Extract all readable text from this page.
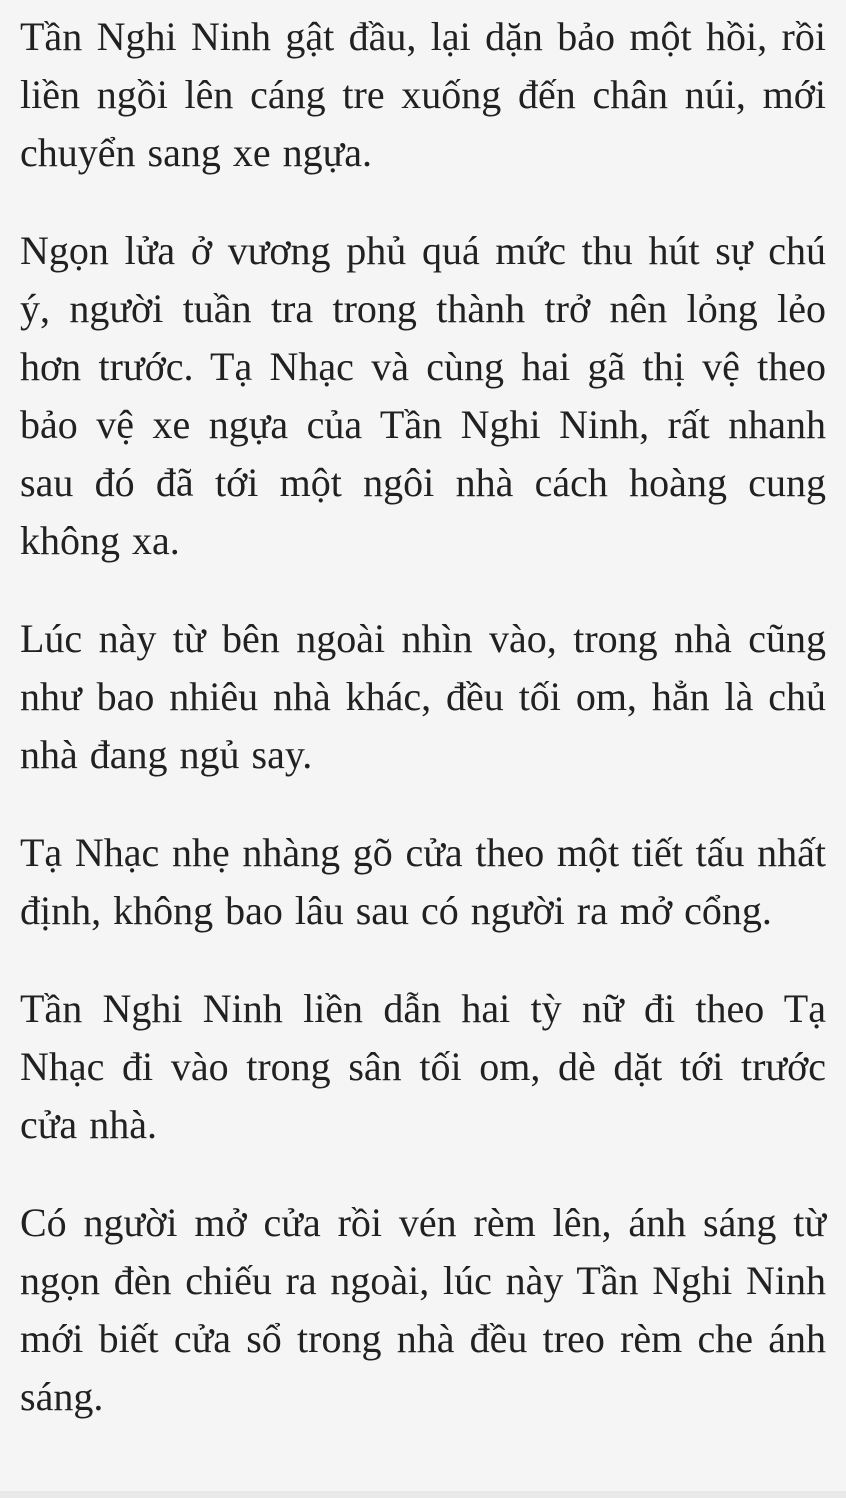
Tần Nghi Ninh gật đầu, lại dặn bảo một hồi, rồi liền ngồi lên cáng tre xuống đến chân núi, mới chuyển sang xe ngựa.

Ngọn lửa ở vương phủ quá mức thu hút sự chú ý, người tuần tra trong thành trở nên lỏng lẻo hơn trước. Tạ Nhạc và cùng hai gã thị vệ theo bảo vệ xe ngựa của Tần Nghi Ninh, rất nhanh sau đó đã tới một ngôi nhà cách hoàng cung không xa.

Lúc này từ bên ngoài nhìn vào, trong nhà cũng như bao nhiêu nhà khác, đều tối om, hẳn là chủ nhà đang ngủ say.

Tạ Nhạc nhẹ nhàng gõ cửa theo một tiết tấu nhất định, không bao lâu sau có người ra mở cổng.

Tần Nghi Ninh liền dẫn hai tỳ nữ đi theo Tạ Nhạc đi vào trong sân tối om, dè dặt tới trước cửa nhà.

Có người mở cửa rồi vén rèm lên, ánh sáng từ ngọn đèn chiếu ra ngoài, lúc này Tần Nghi Ninh mới biết cửa sổ trong nhà đều treo rèm che ánh sáng.
